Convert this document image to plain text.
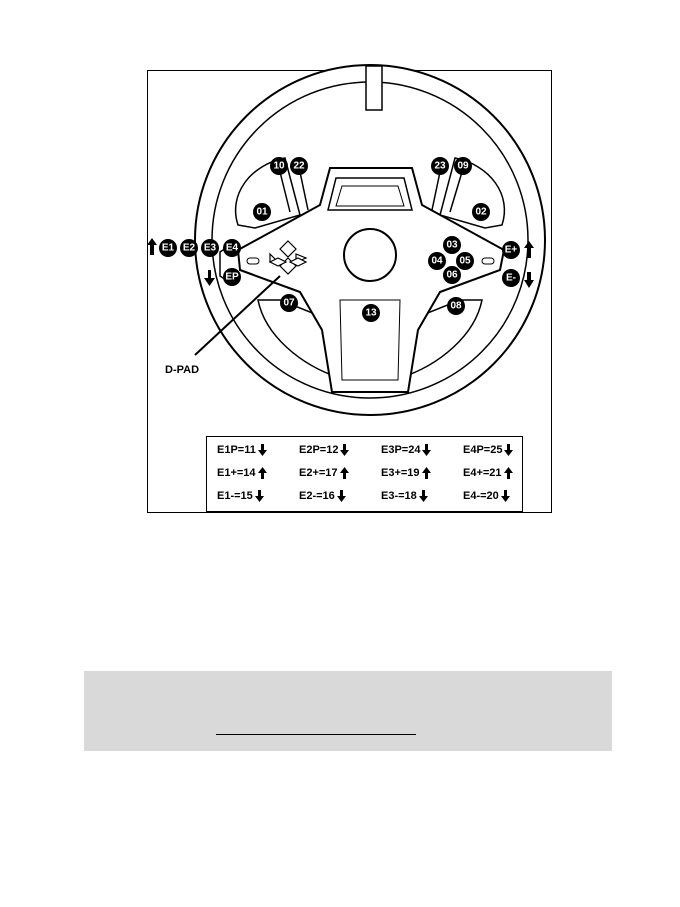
01	02
03
04 05
06
07	08
09
10
13
22	23
E1 E2 E3 E4
EP
E+
E-
D-PAD
E1P=11	E2P=12	E3P=24	E4P=25
E1+=14	E2+=17	E3+=19	E4+=21
E1-=15	E2-=16	E3-=18	E4-=20
